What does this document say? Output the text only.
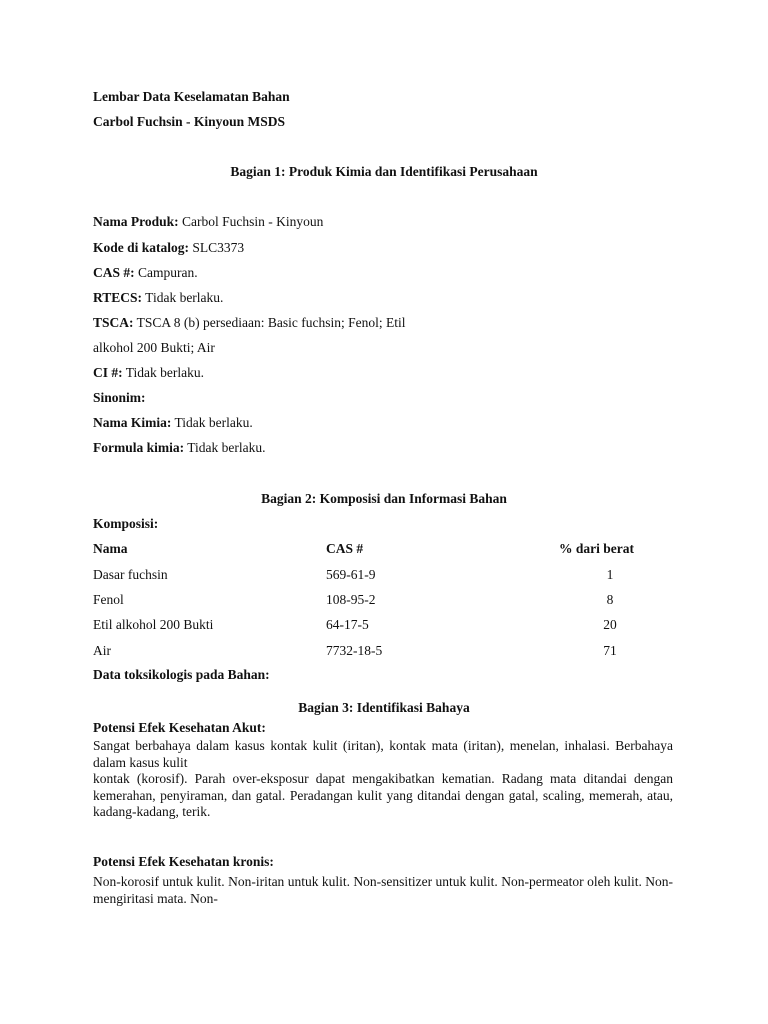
Lembar Data Keselamatan Bahan
Carbol Fuchsin - Kinyoun MSDS
Bagian 1: Produk Kimia dan Identifikasi Perusahaan
Nama Produk: Carbol Fuchsin - Kinyoun
Kode di katalog: SLC3373
CAS #: Campuran.
RTECS: Tidak berlaku.
TSCA: TSCA 8 (b) persediaan: Basic fuchsin; Fenol; Etil
alkohol 200 Bukti; Air
CI #: Tidak berlaku.
Sinonim:
Nama Kimia: Tidak berlaku.
Formula kimia: Tidak berlaku.
Bagian 2: Komposisi dan Informasi Bahan
Komposisi:
Nama	CAS #	% dari berat
Dasar fuchsin	569-61-9	1
Fenol	108-95-2	8
Etil alkohol 200 Bukti	64-17-5	20
Air	7732-18-5	71
Data toksikologis pada Bahan:
Bagian 3: Identifikasi Bahaya
Potensi Efek Kesehatan Akut:
Sangat berbahaya dalam kasus kontak kulit (iritan), kontak mata (iritan), menelan, inhalasi. Berbahaya dalam kasus kulit
kontak (korosif). Parah over-eksposur dapat mengakibatkan kematian. Radang mata ditandai dengan kemerahan, penyiraman, dan gatal. Peradangan kulit yang ditandai dengan gatal, scaling, memerah, atau, kadang-kadang, terik.
Potensi Efek Kesehatan kronis:
Non-korosif untuk kulit. Non-iritan untuk kulit. Non-sensitizer untuk kulit. Non-permeator oleh kulit. Non-mengiritasi mata. Non-
